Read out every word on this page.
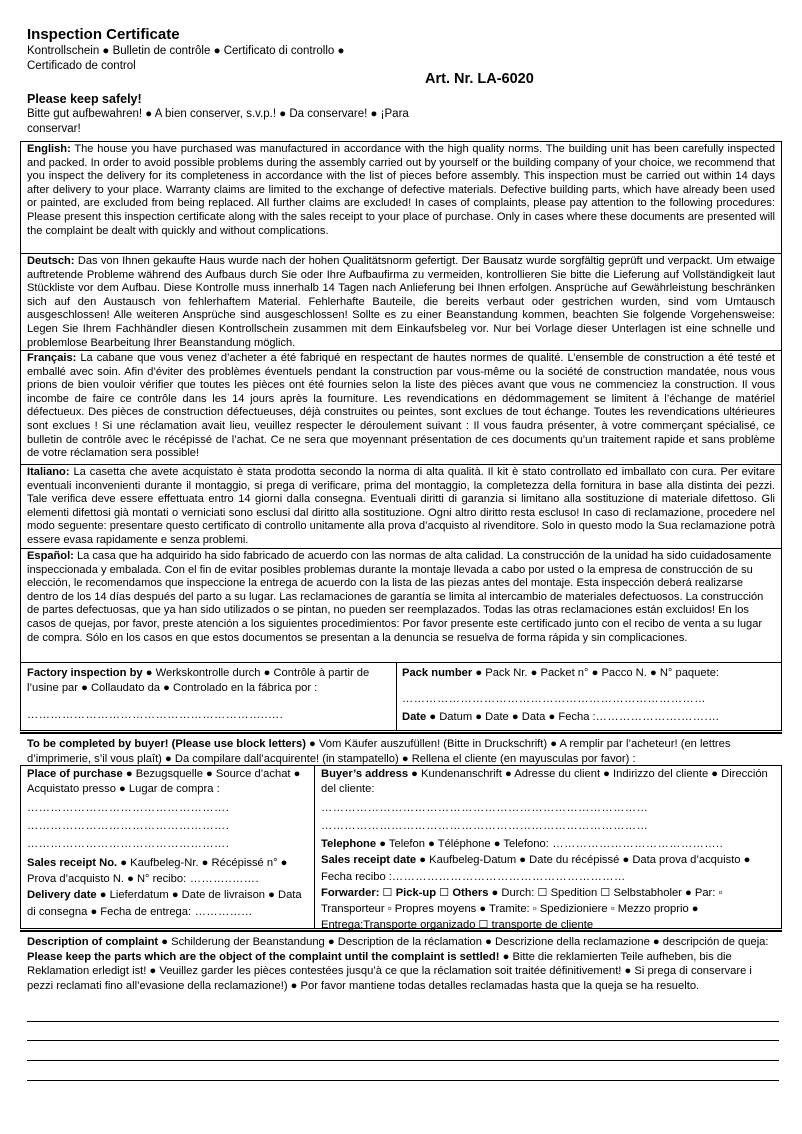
Inspection Certificate
Kontrollschein ● Bulletin de contrôle ● Certificato di controllo ● Certificado de control
Art. Nr. LA-6020
Please keep safely!
Bitte gut aufbewahren! ● A bien conserver, s.v.p.! ● Da conservare! ● ¡Para conservar!
English: The house you have purchased was manufactured in accordance with the high quality norms. The building unit has been carefully inspected and packed. In order to avoid possible problems during the assembly carried out by yourself or the building company of your choice, we recommend that you inspect the delivery for its completeness in accordance with the list of pieces before assembly. This inspection must be carried out within 14 days after delivery to your place. Warranty claims are limited to the exchange of defective materials. Defective building parts, which have already been used or painted, are excluded from being replaced. All further claims are excluded! In cases of complaints, please pay attention to the following procedures: Please present this inspection certificate along with the sales receipt to your place of purchase. Only in cases where these documents are presented will the complaint be dealt with quickly and without complications.
Deutsch: Das von Ihnen gekaufte Haus wurde nach der hohen Qualitätsnorm gefertigt. Der Bausatz wurde sorgfältig geprüft und verpackt. Um etwaige auftretende Probleme während des Aufbaus durch Sie oder Ihre Aufbaufirma zu vermeiden, kontrollieren Sie bitte die Lieferung auf Vollständigkeit laut Stückliste vor dem Aufbau. Diese Kontrolle muss innerhalb 14 Tagen nach Anlieferung bei Ihnen erfolgen. Ansprüche auf Gewährleistung beschränken sich auf den Austausch von fehlerhaftem Material. Fehlerhafte Bauteile, die bereits verbaut oder gestrichen wurden, sind vom Umtausch ausgeschlossen! Alle weiteren Ansprüche sind ausgeschlossen! Sollte es zu einer Beanstandung kommen, beachten Sie folgende Vorgehensweise: Legen Sie Ihrem Fachhändler diesen Kontrollschein zusammen mit dem Einkaufsbeleg vor. Nur bei Vorlage dieser Unterlagen ist eine schnelle und problemlose Bearbeitung Ihrer Beanstandung möglich.
Français: La cabane que vous venez d’acheter a été fabriqué en respectant de hautes normes de qualité. L’ensemble de construction a été testé et emballé avec soin. Afin d’éviter des problèmes éventuels pendant la construction par vous-même ou la société de construction mandatée, nous vous prions de bien vouloir vérifier que toutes les pièces ont été fournies selon la liste des pièces avant que vous ne commenciez la construction. Il vous incombe de faire ce contrôle dans les 14 jours après la fourniture. Les revendications en dédommagement se limitent à l’échange de matériel défectueux. Des pièces de construction défectueuses, déjà construites ou peintes, sont exclues de tout échange. Toutes les revendications ultérieures sont exclues ! Si une réclamation avait lieu, veuillez respecter le déroulement suivant : Il vous faudra présenter, à votre commerçant spécialisé, ce bulletin de contrôle avec le récépissé de l’achat. Ce ne sera que moyennant présentation de ces documents qu’un traitement rapide et sans problème de votre réclamation sera possible!
Italiano: La casetta che avete acquistato è stata prodotta secondo la norma di alta qualità. Il kit è stato controllato ed imballato con cura. Per evitare eventuali inconvenienti durante il montaggio, si prega di verificare, prima del montaggio, la completezza della fornitura in base alla distinta dei pezzi. Tale verifica deve essere effettuata entro 14 giorni dalla consegna. Eventuali diritti di garanzia si limitano alla sostituzione di materiale difettoso. Gli elementi difettosi già montati o verniciati sono esclusi dal diritto alla sostituzione. Ogni altro diritto resta escluso! In caso di reclamazione, procedere nel modo seguente: presentare questo certificato di controllo unitamente alla prova d’acquisto al rivenditore. Solo in questo modo la Sua reclamazione potrà essere evasa rapidamente e senza problemi.
Español: La casa que ha adquirido ha sido fabricado de acuerdo con las normas de alta calidad. La construcción de la unidad ha sido cuidadosamente inspeccionada y embalada. Con el fin de evitar posibles problemas durante la montaje llevada a cabo por usted o la empresa de construcción de su elección, le recomendamos que inspeccione la entrega de acuerdo con la lista de las piezas antes del montaje. Esta inspección deberá realizarse dentro de los 14 días después del parto a su lugar. Las reclamaciones de garantía se limita al intercambio de materiales defectuosos. La construcción de partes defectuosas, que ya han sido utilizados o se pintan, no pueden ser reemplazados. Todas las otras reclamaciones están excluidos! En los casos de quejas, por favor, preste atención a los siguientes procedimientos: Por favor presente este certificado junto con el recibo de venta a su lugar de compra. Sólo en los casos en que estos documentos se presentan a la denuncia se resuelva de forma rápida y sin complicaciones.
Factory inspection by ● Werkskontrolle durch ● Contrôle à partir de l’usine par ● Collaudato da ● Controlado en la fábrica por :
……………………………………………………..….
Pack number ● Pack Nr. ● Packet n° ● Pacco N. ● N° paquete:
……………………………………………………………………
Date ● Datum ● Date ● Data ● Fecha :………………….…….…
To be completed by buyer! (Please use block letters) ● Vom Käufer auszufüllen! (Bitte in Druckschrift) ● A remplir par l’acheteur! (en lettres d’imprimerie, s’il vous plaît) ● Da compilare dall’acquirente! (in stampatello) ● Rellena el cliente (en mayusculas por favor) :
Place of purchase ● Bezugsquelle ● Source d’achat ● Acquistato presso ● Lugar de compra :
…………………………………………….
…………………………………………….
…………………………………………….
Sales receipt No. ● Kaufbeleg-Nr. ● Récépissé n° ● Prova d’acquisto N. ● N° recibo: ………..…….
Delivery date ● Lieferdatum ● Date de livraison ● Data di consegna ● Fecha de entrega: …………...
Buyer’s address ● Kundenanschrift ● Adresse du client ● Indirizzo del cliente ● Dirección del cliente:
…………………………………………………………………………
…………………………………………………………………………
Telephone ● Telefon ● Téléphone ● Telefono: ……………………………………..
Sales receipt date ● Kaufbeleg-Datum ● Date du récépissé ● Data prova d’acquisto ● Fecha recibo :……………………………………………………
Forwarder: ☐ Pick-up ☐ Others ● Durch: ☐ Spedition ☐ Selbstabholer ● Par: ▫ Transporteur ▫ Propres moyens ● Tramite: ▫ Spedizioniere ▫ Mezzo proprio ● Entrega:Transporte organizado ☐ transporte de cliente
Description of complaint ● Schilderung der Beanstandung ● Description de la réclamation ● Descrizione della reclamazione ● descripción de queja: Please keep the parts which are the object of the complaint until the complaint is settled! ● Bitte die reklamierten Teile aufheben, bis die Reklamation erledigt ist! ● Veuillez garder les pièces contestées jusqu’à ce que la réclamation soit traitée définitivement! ● Si prega di conservare i pezzi reclamati fino all’evasione della reclamazione!) ● Por favor mantiene todas detalles reclamadas hasta que la queja se ha resuelto.
